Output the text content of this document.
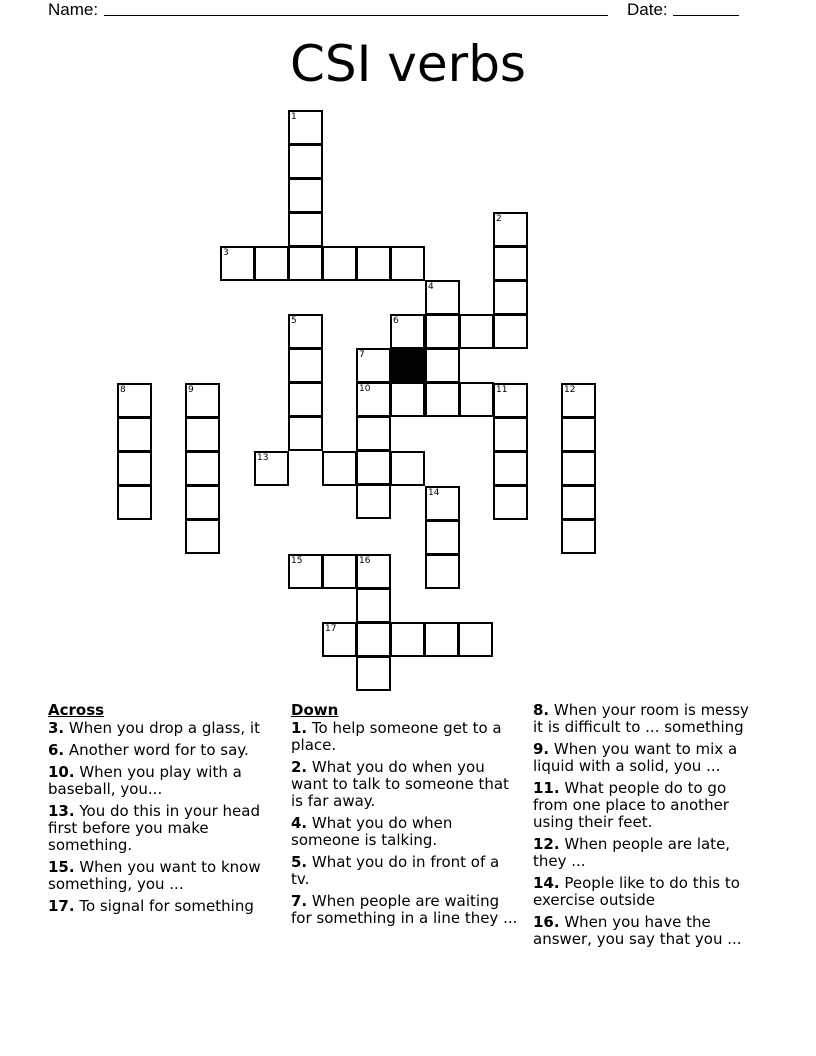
Name:	Date:
CSI verbs
8	9
1
2
3
4
6
5
7
10	11	12
13
14
15	16
17
Across
3. When you drop a glass, it
6. Another word for to say.
10. When you play with a baseball, you...
13. You do this in your head first before you make something.
15. When you want to know something, you ...
17. To signal for something
Down
1. To help someone get to a place.
2. What you do when you want to talk to someone that is far away.
4. What you do when someone is talking.
5. What you do in front of a tv.
7. When people are waiting for something in a line they ...
8. When your room is messy it is difficult to ... something
9. When you want to mix a liquid with a solid, you ...
11. What people do to go from one place to another using their feet.
12. When people are late, they ...
14. People like to do this to exercise outside
16. When you have the answer, you say that you ...
